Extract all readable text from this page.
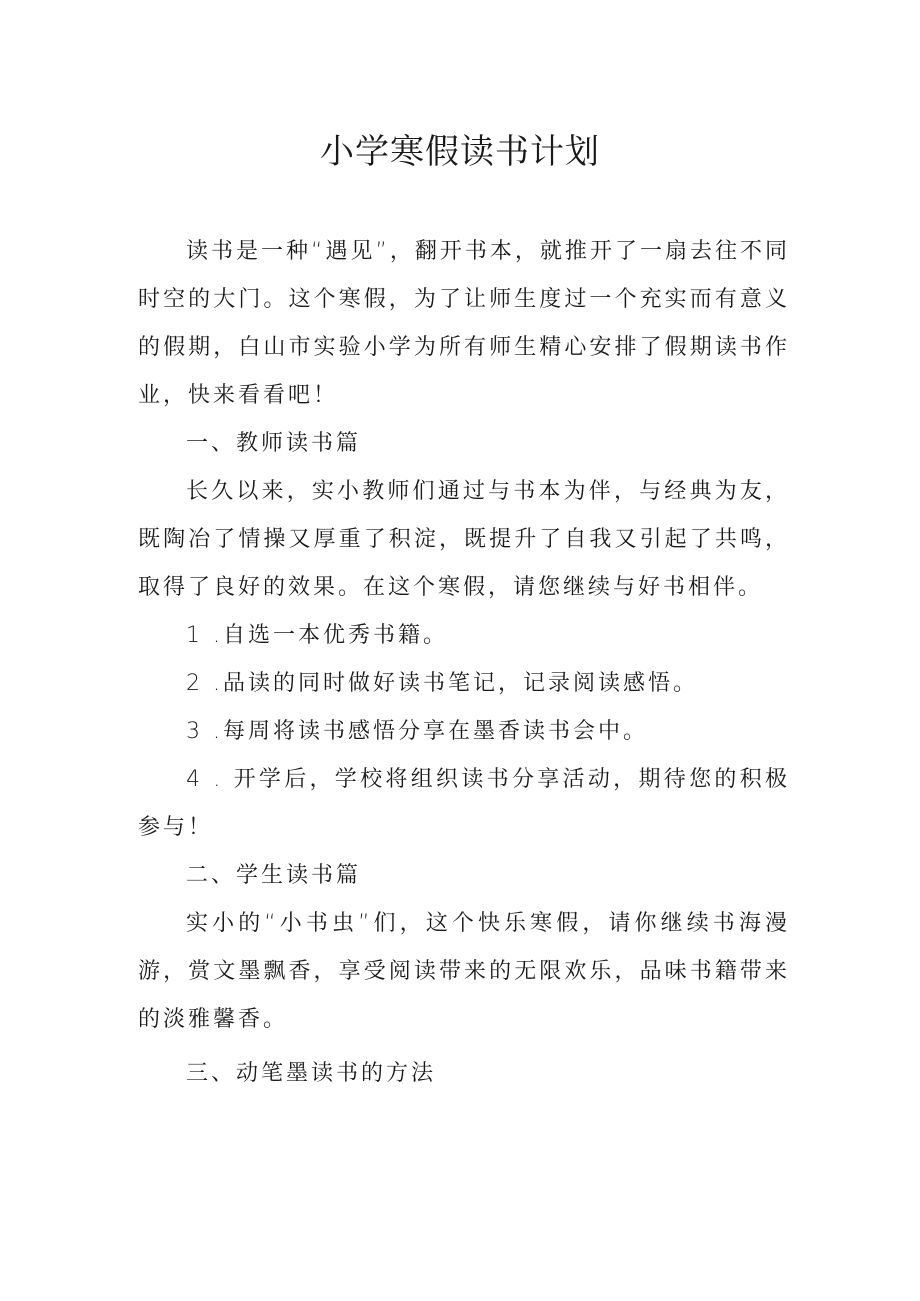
小学寒假读书计划

读书是一种“遇见”，翻开书本，就推开了一扇去往不同时空的大门。这个寒假，为了让师生度过一个充实而有意义的假期，白山市实验小学为所有师生精心安排了假期读书作业，快来看看吧！

一、教师读书篇

长久以来，实小教师们通过与书本为伴，与经典为友，既陶冶了情操又厚重了积淀，既提升了自我又引起了共鸣，取得了良好的效果。在这个寒假，请您继续与好书相伴。

1 .自选一本优秀书籍。

2 .品读的同时做好读书笔记，记录阅读感悟。

3 .每周将读书感悟分享在墨香读书会中。

4 . 开学后，学校将组织读书分享活动，期待您的积极参与！

二、学生读书篇

实小的“小书虫”们，这个快乐寒假，请你继续书海漫游，赏文墨飘香，享受阅读带来的无限欢乐，品味书籍带来的淡雅馨香。

三、动笔墨读书的方法
